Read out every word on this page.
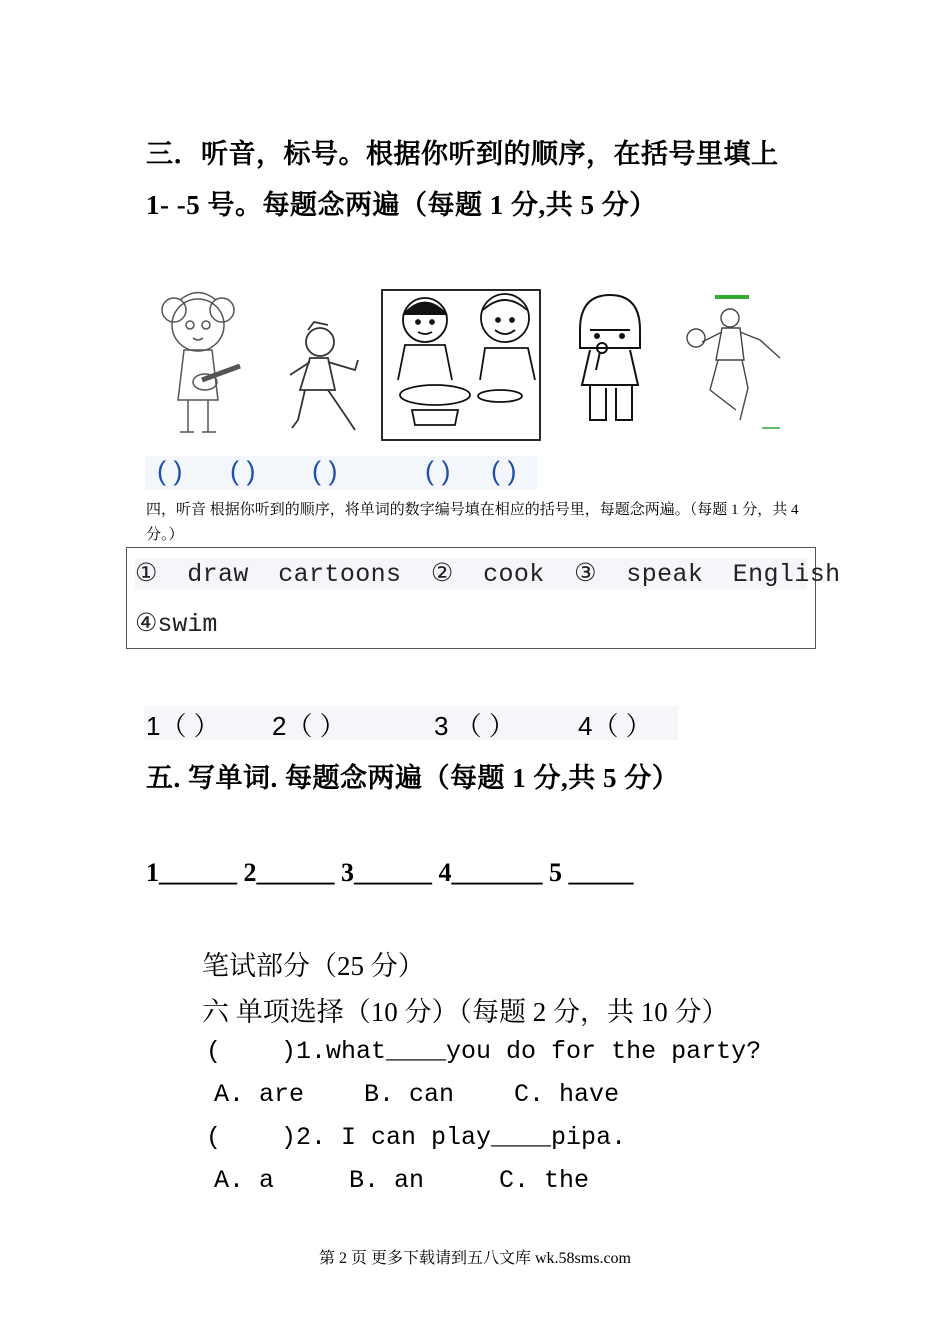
三．听音，标号。根据你听到的顺序，在括号里填上
1- -5 号。每题念两遍（每题 1 分,共 5 分）
( ) ( ) ( )	( ) ( )
四，听音 根据你听到的顺序，将单词的数字编号填在相应的括号里，每题念两遍。（每题 1 分，共 4 分。）
① draw cartoons ② cook ③ speak English
④swim
1（ ） 2（ ）	3 （ ） 4（ ）
五. 写单词. 每题念两遍（每题 1 分,共 5 分）
1______ 2______ 3______ 4_______ 5 _____
笔试部分（25 分）
六 单项选择（10 分）（每题 2 分，共 10 分）
(    )1.what____you do for the party?
A. are    B. can    C. have
(    )2. I can play____pipa.
A. a     B. an     C. the
第 2 页 更多下载请到五八文库 wk.58sms.com
